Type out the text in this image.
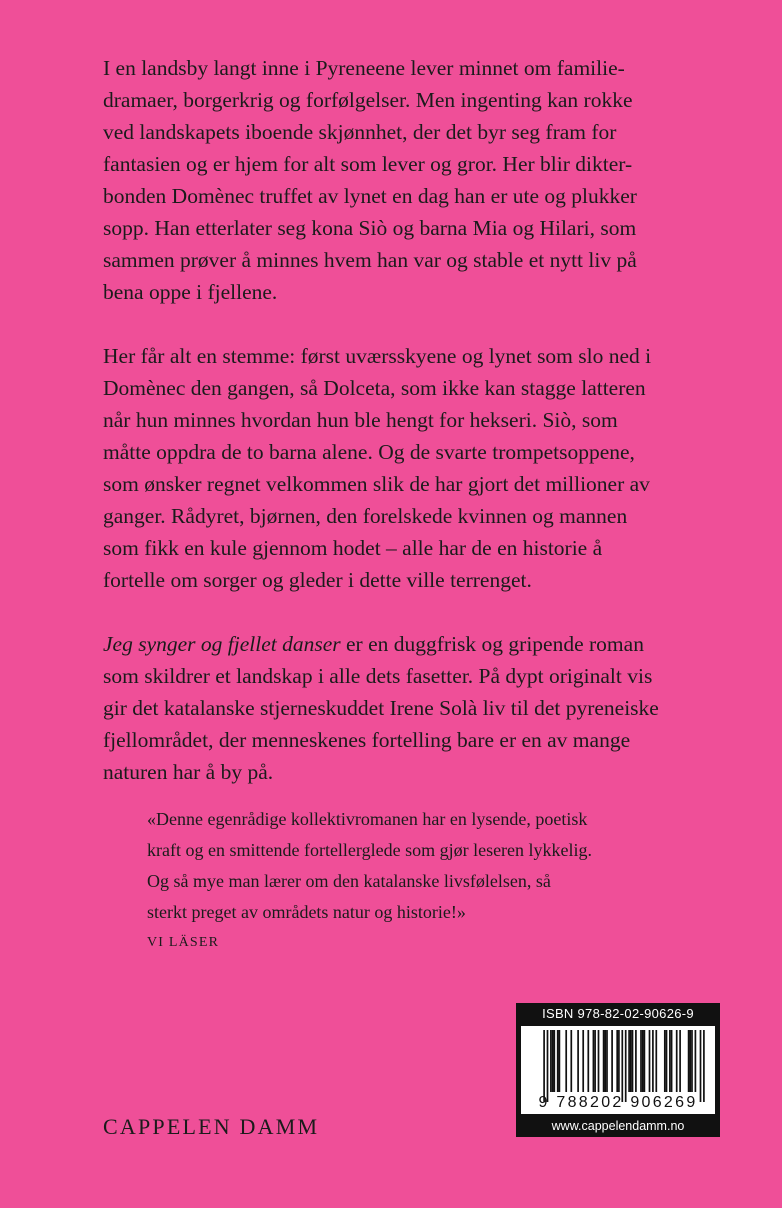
I en landsby langt inne i Pyreneene lever minnet om familie-
dramaer, borgerkrig og forfølgelser. Men ingenting kan rokke
ved landskapets iboende skjønnhet, der det byr seg fram for
fantasien og er hjem for alt som lever og gror. Her blir dikter-
bonden Domènec truffet av lynet en dag han er ute og plukker
sopp. Han etterlater seg kona Siò og barna Mia og Hilari, som
sammen prøver å minnes hvem han var og stable et nytt liv på
bena oppe i fjellene.

Her får alt en stemme: først uværsskyene og lynet som slo ned i
Domènec den gangen, så Dolceta, som ikke kan stagge latteren
når hun minnes hvordan hun ble hengt for hekseri. Siò, som
måtte oppdra de to barna alene. Og de svarte trompetsoppene,
som ønsker regnet velkommen slik de har gjort det millioner av
ganger. Rådyret, bjørnen, den forelskede kvinnen og mannen
som fikk en kule gjennom hodet – alle har de en historie å
fortelle om sorger og gleder i dette ville terrenget.

Jeg synger og fjellet danser er en duggfrisk og gripende roman
som skildrer et landskap i alle dets fasetter. På dypt originalt vis
gir det katalanske stjerneskuddet Irene Solà liv til det pyreneiske
fjellområdet, der menneskenes fortelling bare er en av mange
naturen har å by på.

«Denne egenrådige kollektivromanen har en lysende, poetisk
kraft og en smittende fortellerglede som gjør leseren lykkelig.
Og så mye man lærer om den katalanske livsfølelsen, så
sterkt preget av områdets natur og historie!»

VI LÄSER

CAPPELEN DAMM
ISBN 978-82-02-90626-9
9 788202 906269
www.cappelendamm.no
